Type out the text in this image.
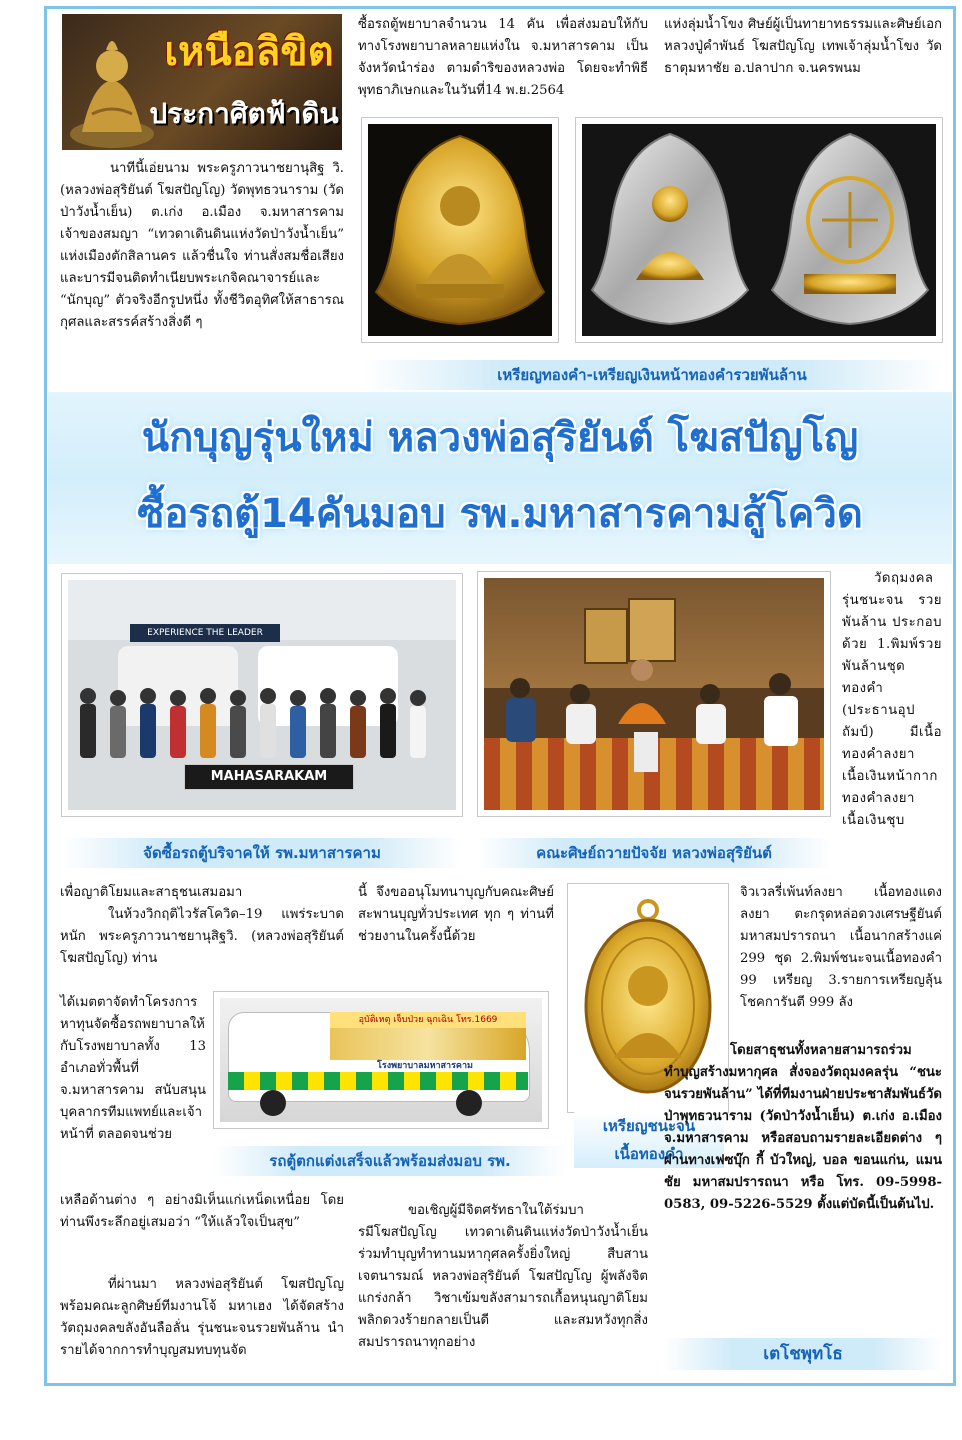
เหนือลิขิต
ประกาศิตฟ้าดิน
นาทีนี้เอ่ยนาม พระครูภาวนาชยานุสิฐ วิ.(หลวงพ่อสุริยันต์ โฆสปัญโญ) วัดพุทธวนาราม (วัดป่าวังน้ำเย็น) ต.เก่ง อ.เมือง จ.มหาสารคาม เจ้าของสมญา “เทวดาเดินดินแห่งวัดป่าวังน้ำเย็น” แห่งเมืองตักสิลานคร แล้วชื่นใจ ท่านสั่งสมชื่อเสียงและบารมีจนติดทำเนียบพระเกจิคณาจารย์และ “นักบุญ” ตัวจริงอีกรูปหนึ่ง ทั้งชีวิตอุทิศให้สาธารณกุศลและสรรค์สร้างสิ่งดี ๆ
ซื้อรถตู้พยาบาลจำนวน 14 คัน เพื่อส่งมอบให้กับทางโรงพยาบาลหลายแห่งใน จ.มหาสารคาม เป็นจังหวัดนำร่อง ตามดำริของหลวงพ่อ โดยจะทำพิธีพุทธาภิเษกและในวันที่14 พ.ย.2564
แห่งลุ่มน้ำโขง ศิษย์ผู้เป็นทายาทธรรมและศิษย์เอก หลวงปู่คำพันธ์ โฆสปัญโญ เทพเจ้าลุ่มน้ำโขง วัดธาตุมหาชัย อ.ปลาปาก จ.นครพนม
เหรียญทองคำ-เหรียญเงินหน้าทองคำรวยพันล้าน
นักบุญรุ่นใหม่ หลวงพ่อสุริยันต์ โฆสปัญโญ
ซื้อรถตู้14คันมอบ รพ.มหาสารคามสู้โควิด
EXPERIENCE THE LEADER
MAHASARAKAM
วัดฤมงคล รุ่นชนะจน รวยพันล้าน ประกอบด้วย 1.พิมพ์รวยพันล้านชุดทองคำ (ประธานอุปถัมป์) มีเนื้อทองคำลงยา เนื้อเงินหน้ากากทองคำลงยา เนื้อเงินชุบ
จัดซื้อรถตู้บริจาคให้ รพ.มหาสารคาม	คณะศิษย์ถวายปัจจัย หลวงพ่อสุริยันต์
เพื่อญาติโยมและสาธุชนเสมอมา
ในห้วงวิกฤติไวรัสโควิด–19 แพร่ระบาดหนัก พระครูภาวนาชยานุสิฐวิ. (หลวงพ่อสุริยันต์ โฆสปัญโญ) ท่าน
ได้เมตตาจัดทำโครงการหาทุนจัดซื้อรถพยาบาลให้กับโรงพยาบาลทั้ง 13 อำเภอทั่วพื้นที่ จ.มหาสารคาม สนับสนุนบุคลากรทีมแพทย์และเจ้าหน้าที่ ตลอดจนช่วย
เหลือด้านต่าง ๆ อย่างมิเห็นแก่เหน็ดเหนื่อย โดยท่านพึงระลึกอยู่เสมอว่า “ให้แล้วใจเป็นสุข”
ที่ผ่านมา หลวงพ่อสุริยันต์ โฆสปัญโญ พร้อมคณะลูกศิษย์ทีมงานโจ้ มหาเฮง ได้จัดสร้างวัตถุมงคลขลังอันลือลั่น รุ่นชนะจนรวยพันล้าน นำรายได้จากการทำบุญสมทบทุนจัด
นี้ จึงขออนุโมทนาบุญกับคณะศิษย์สะพานบุญทั่วประเทศ ทุก ๆ ท่านที่ช่วยงานในครั้งนี้ด้วย
อุบัติเหตุ เจ็บป่วย ฉุกเฉิน โทร.1669
โรงพยาบาลมหาสารคาม
รถตู้ตกแต่งเสร็จแล้วพร้อมส่งมอบ รพ.
เหรียญชนะจน
เนื้อทองคำ
จิวเวลรี่เพ้นท์ลงยา เนื้อทองแดงลงยา ตะกรุดหล่อดวงเศรษฐียันต์มหาสมปรารถนา เนื้อนากสร้างแค่ 299 ชุด 2.พิมพ์ชนะจนเนื้อทองคำ 99 เหรียญ 3.รายการเหรียญลุ้นโชคการันตี 999 ลัง
โดยสาธุชนทั้งหลายสามารถร่วมทำบุญสร้างมหากุศล สั่งจองวัตถุมงคลรุ่น “ชนะจนรวยพันล้าน” ได้ที่ทีมงานฝ่ายประชาสัมพันธ์วัดป่าพุทธวนาราม (วัดป่าวังน้ำเย็น) ต.เก่ง อ.เมือง จ.มหาสารคาม หรือสอบถามรายละเอียดต่าง ๆ ผ่านทางเฟซบุ๊ก กี้ บัวใหญ่, บอล ขอนแก่น, แมนชัย มหาสมปรารถนา หรือ โทร. 09-5998-0583, 09-5226-5529 ตั้งแต่บัดนี้เป็นต้นไป.
ขอเชิญผู้มีจิตศรัทธาในใต้ร่มบารมีโฆสปัญโญ เทวดาเดินดินแห่งวัดป่าวังน้ำเย็น ร่วมทำบุญทำทานมหากุศลครั้งยิ่งใหญ่ สืบสานเจตนารมณ์ หลวงพ่อสุริยันต์ โฆสปัญโญ ผู้พลังจิตแกร่งกล้า วิชาเข้มขลังสามารถเกื้อหนุนญาติโยมพลิกดวงร้ายกลายเป็นดี และสมหวังทุกสิ่งสมปรารถนาทุกอย่าง
เตโชพุทโธ
